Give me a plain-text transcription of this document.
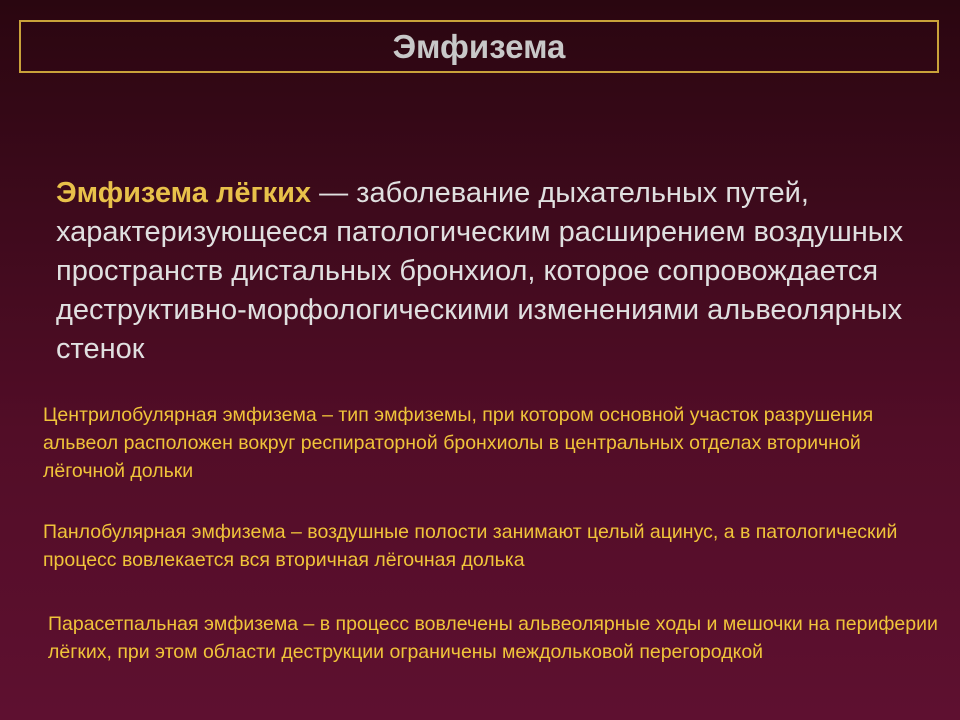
Эмфизема
Эмфизема лёгких — заболевание дыхательных путей, характеризующееся патологическим расширением воздушных пространств дистальных бронхиол, которое сопровождается деструктивно-морфологическими изменениями альвеолярных стенок
Центрилобулярная эмфизема – тип эмфиземы, при котором основной участок разрушения альвеол расположен вокруг респираторной бронхиолы в центральных отделах вторичной лёгочной дольки
Панлобулярная эмфизема – воздушные полости занимают целый ацинус, а в патологический процесс вовлекается вся вторичная лёгочная долька
Парасетпальная эмфизема – в процесс вовлечены альвеолярные ходы и мешочки на периферии лёгких, при этом области деструкции ограничены междольковой перегородкой
